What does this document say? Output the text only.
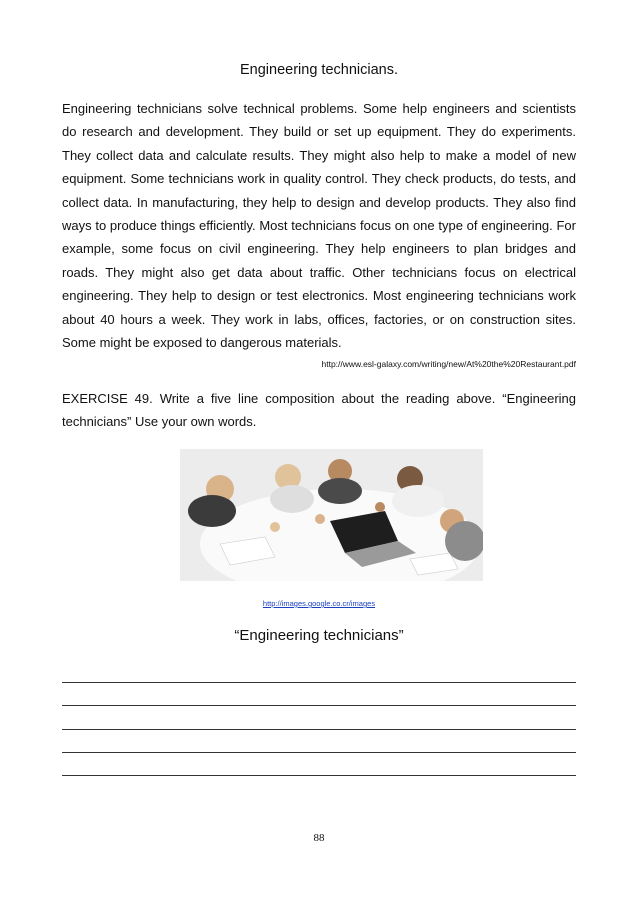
Engineering technicians.

Engineering technicians solve technical problems. Some help engineers and scientists do research and development. They build or set up equipment. They do experiments. They collect data and calculate results. They might also help to make a model of new equipment. Some technicians work in quality control. They check products, do tests, and collect data. In manufacturing, they help to design and develop products. They also find ways to produce things efficiently. Most technicians focus on one type of engineering. For example, some focus on civil engineering. They help engineers to plan bridges and roads. They might also get data about traffic. Other technicians focus on electrical engineering. They help to design or test electronics. Most engineering technicians work about 40 hours a week. They work in labs, offices, factories, or on construction sites. Some might be exposed to dangerous materials.

http://www.esl-galaxy.com/writing/new/At%20the%20Restaurant.pdf

EXERCISE 49. Write a five line composition about the reading above. “Engineering technicians” Use your own words.

http://images.google.co.cr/images
“Engineering technicians”
88
